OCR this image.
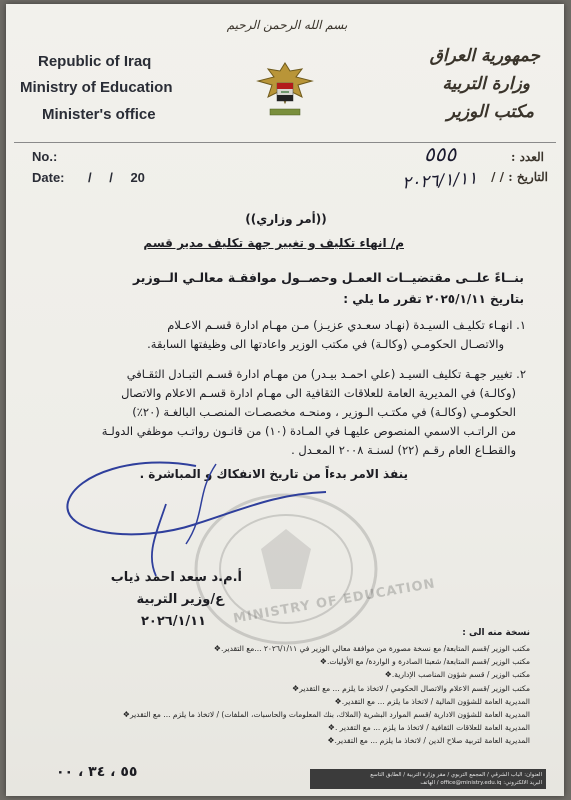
بسم الله الرحمن الرحيم
Republic of Iraq
Ministry of Education
Minister's office
جمهورية العراق
وزارة التربية
مكتب الوزير
No.:
Date: / / 20
العدد :
٥٥٥
التاريخ : / /
٢٠٢٦/١/١١
((أمر وزاري))
م/ انهاء تكليف و تغيير جهة تكليف مدير قسم
بنــاءً علــى مقتضيــات العمـل وحصــول موافقـة معالـي الــوزير
بتاريخ ٢٠٢٥/١/١١ تقرر ما يلي :
١. انهـاء تكليـف السيـدة (نهـاد سعـدي عزيـز) مـن مهـام ادارة قسـم الاعـلام
والاتصـال الحكومـي (وكالـة) في مكتب الوزير واعادتها الى وظيفتها السابقة.
٢. تغيير جهـة تكليف السيـد (علي احمـد بيـدر) من مهـام ادارة قسـم التبـادل الثقـافي
(وكالـة) في المديرية العامة للعلاقات الثقافية الى مهـام ادارة قسـم الاعلام والاتصال
الحكومـي (وكالـة) في مكتـب الـوزير ، ومنحـه مخصصـات المنصـب البالغـة (٢٠٪)
من الراتـب الاسمي المنصوص عليهـا في المـادة (١٠) من قانـون رواتـب موظفي الدولـة
والقطـاع العام رقـم (٢٢) لسنـة ٢٠٠٨ المعـدل .
ينفذ الامر بدءاً من تاريخ الانفكاك و المباشرة .
MINISTRY OF EDUCATION
أ.م.د سعد احمد ذياب
ع/وزير التربية
٢٠٢٦/١/١١
نسخة منه الى :
مكتب الوزير /قسم المتابعة/ مع نسخة مصورة من موافقة معالي الوزير في ٢٠٢٦/١/١١ ...مع التقدير.❖
مكتب الوزير /قسم المتابعة/ شعبتا الصادرة و الواردة/ مع الأوليات.❖
مكتب الوزير / قسم شؤون المناصب الإدارية.❖
مكتب الوزير /قسم الاعلام والاتصال الحكومي / لاتخاذ ما يلزم ... مع التقدير❖
المديرية العامة للشؤون المالية / لاتخاذ ما يلزم ... مع التقدير.❖
المديرية العامة للشؤون الادارية /قسم الموارد البشرية (الملاك، بنك المعلومات والحاسبات، الملفات) / لاتخاذ ما يلزم ... مع التقدير❖
المديرية العامة للعلاقات الثقافية / لاتخاذ ما يلزم ... مع التقدير .❖
المديرية العامة لتربية صلاح الدين / لاتخاذ ما يلزم ... مع التقدير.❖
٥٥ ، ٣٤ ، ٠٠	العنوان: الباب الشرقي / المجمع التربوي / مقر وزارة التربية / الطابق التاسع
البريد الالكتروني: office@ministry.edu.iq / الهاتف
